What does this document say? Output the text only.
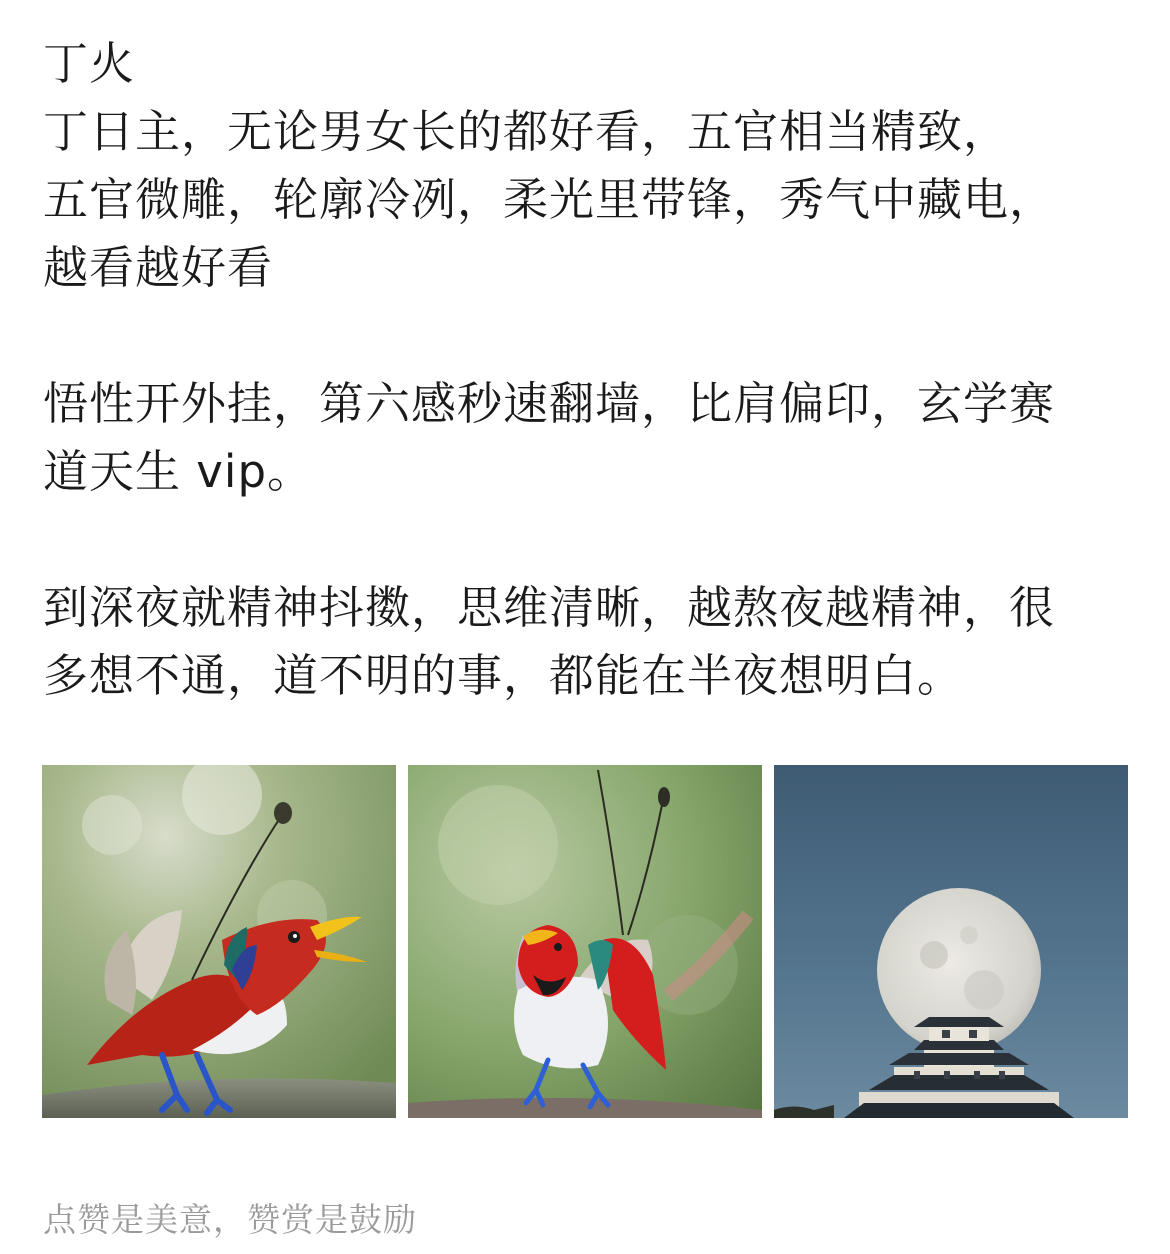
丁火
丁日主，无论男女长的都好看，五官相当精致，
五官微雕，轮廓冷冽，柔光里带锋，秀气中藏电，
越看越好看

悟性开外挂，第六感秒速翻墙，比肩偏印，玄学赛
道天生 vip。

到深夜就精神抖擞，思维清晰，越熬夜越精神，很
多想不通，道不明的事，都能在半夜想明白。

点赞是美意，赞赏是鼓励
